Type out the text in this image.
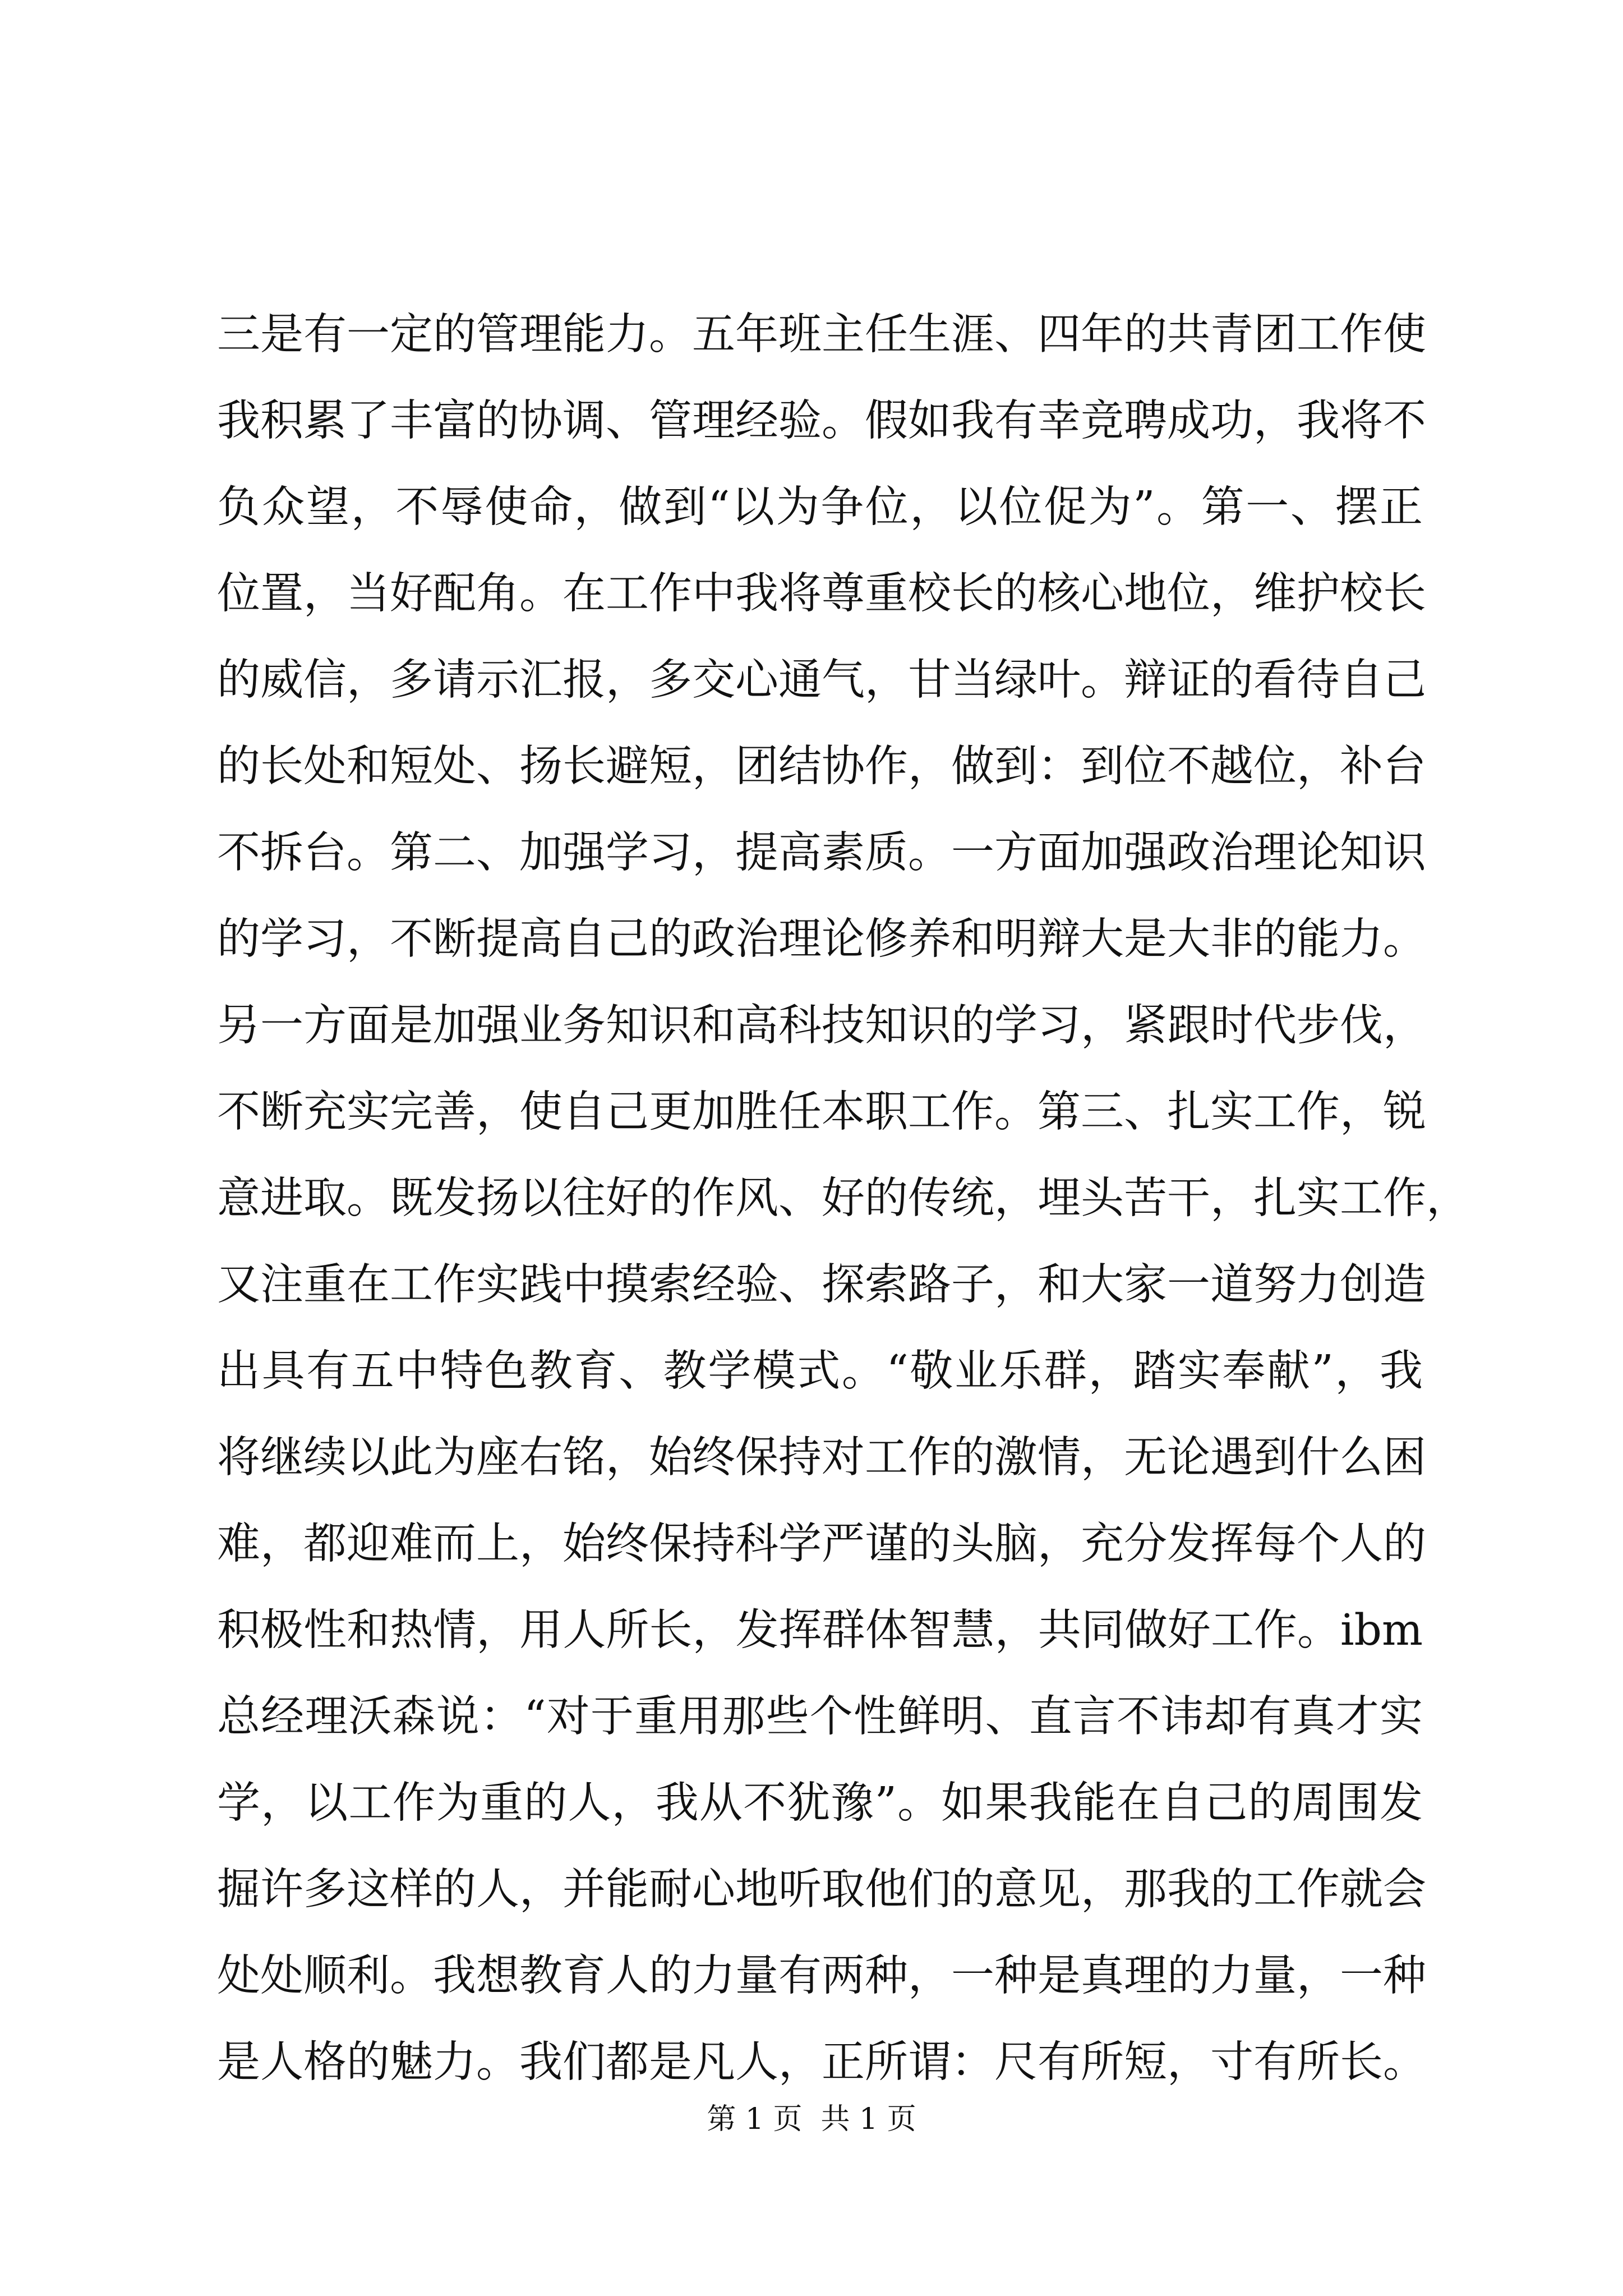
三是有一定的管理能力。五年班主任生涯、四年的共青团工作使
我积累了丰富的协调、管理经验。假如我有幸竞聘成功，我将不
负众望，不辱使命，做到“以为争位，以位促为”。第一、摆正
位置，当好配角。在工作中我将尊重校长的核心地位，维护校长
的威信，多请示汇报，多交心通气，甘当绿叶。辩证的看待自己
的长处和短处、扬长避短，团结协作，做到：到位不越位，补台
不拆台。第二、加强学习，提高素质。一方面加强政治理论知识
的学习，不断提高自己的政治理论修养和明辩大是大非的能力。
另一方面是加强业务知识和高科技知识的学习，紧跟时代步伐，
不断充实完善，使自己更加胜任本职工作。第三、扎实工作，锐
意进取。既发扬以往好的作风、好的传统，埋头苦干，扎实工作，
又注重在工作实践中摸索经验、探索路子，和大家一道努力创造
出具有五中特色教育、教学模式。“敬业乐群，踏实奉献”，我
将继续以此为座右铭，始终保持对工作的激情，无论遇到什么困
难，都迎难而上，始终保持科学严谨的头脑，充分发挥每个人的
积极性和热情，用人所长，发挥群体智慧，共同做好工作。ibm
总经理沃森说：“对于重用那些个性鲜明、直言不讳却有真才实
学，以工作为重的人，我从不犹豫”。如果我能在自己的周围发
掘许多这样的人，并能耐心地听取他们的意见，那我的工作就会
处处顺利。我想教育人的力量有两种，一种是真理的力量，一种
是人格的魅力。我们都是凡人，正所谓：尺有所短，寸有所长。
第 1 页  共 1 页
